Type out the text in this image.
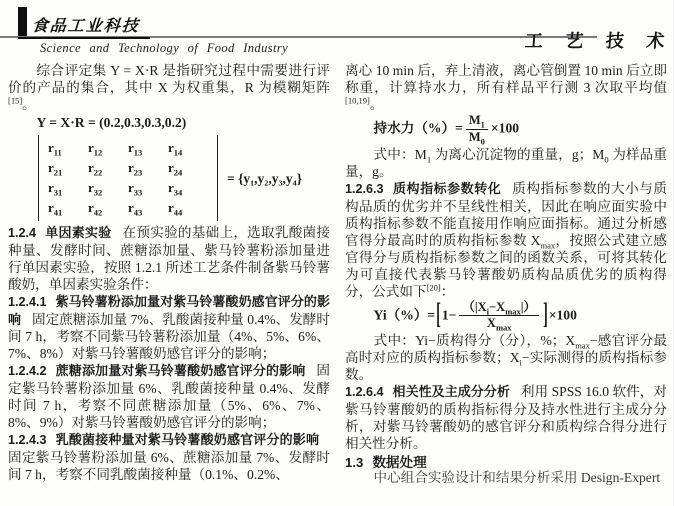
食品工业科技
Science and Technology of Food Industry	工 艺 技 术

综合评定集 Y = X·R 是指研究过程中需要进行评价的产品的集合，其中 X 为权重集，R 为模糊矩阵[15]。

Y = X·R = (0.2,0.3,0.3,0.2)

$r_{11}$	$r_{12}$	$r_{13}$	$r_{14}$
$r_{21}$	$r_{22}$	$r_{23}$	$r_{24}$
$r_{31}$	$r_{32}$	$r_{33}$	$r_{34}$
$r_{41}$	$r_{42}$	$r_{43}$	$r_{44}$
= {y₁,y₂,y₃,y₄}

1.2.4 单因素实验 在预实验的基础上，选取乳酸菌接种量、发酵时间、蔗糖添加量、紫马铃薯粉添加量进行单因素实验，按照 1.2.1 所述工艺条件制备紫马铃薯酸奶，单因素实验条件：

1.2.4.1 紫马铃薯粉添加量对紫马铃薯酸奶感官评分的影响 固定蔗糖添加量 7%、乳酸菌接种量 0.4%、发酵时间 7 h，考察不同紫马铃薯粉添加量（4%、5%、6%、7%、8%）对紫马铃薯酸奶感官评分的影响；

1.2.4.2 蔗糖添加量对紫马铃薯酸奶感官评分的影响 固定紫马铃薯粉添加量 6%、乳酸菌接种量 0.4%、发酵时间 7 h，考察不同蔗糖添加量（5%、6%、7%、8%、9%）对紫马铃薯酸奶感官评分的影响；

1.2.4.3 乳酸菌接种量对紫马铃薯酸奶感官评分的影响固定紫马铃薯粉添加量 6%、蔗糖添加量 7%、发酵时间 7 h，考察不同乳酸菌接种量（0.1%、0.2%、

离心 10 min 后，弃上清液，离心管倒置 10 min 后立即称重，计算持水力，所有样品平行测 3 次取平均值[10,19]。

持水力（%）= $\frac{M_1}{M_0} \times 100$

式中：$M_1$ 为离心沉淀物的重量，g；$M_0$ 为样品重量，g。

1.2.6.3 质构指标参数转化 质构指标参数的大小与质构品质的优劣并不呈线性相关，因此在响应面实验中质构指标参数不能直接用作响应面指标。通过分析感官得分最高时的质构指标参数 $X_{max}$，按照公式建立感官得分与质构指标参数之间的函数关系，可将其转化为可直接代表紫马铃薯酸奶质构品质优劣的质构得分，公式如下[20]：

$Yi(\%)=[1- \frac{(|X_i-X_{max}|)}{X_{max}} ]\times 100$

式中：Yi−质构得分（分），%；$X_{max}-$感官评分最高时对应的质构指标参数；$X_i-$实际测得的质构指标参数。

1.2.6.4 相关性及主成分分析 利用 SPSS 16.0 软件，对紫马铃薯酸奶的质构指标得分及持水性进行主成分分析，对紫马铃薯酸奶的感官评分和质构综合得分进行相关性分析。

1.3 数据处理

中心组合实验设计和结果分析采用 Design-Expert
